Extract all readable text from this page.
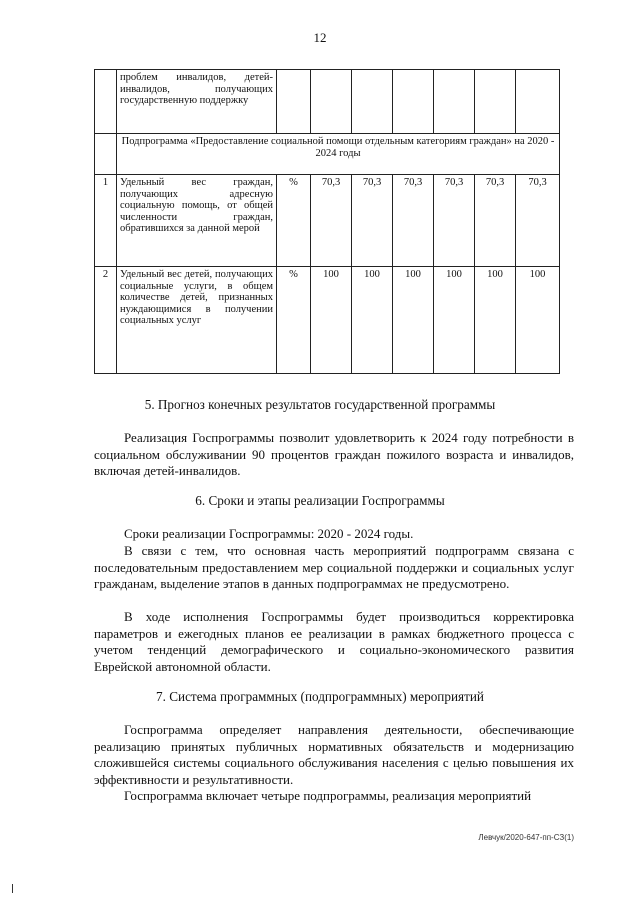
12
	проблем инвалидов, детей-инвалидов, получающих государственную поддержку							
	Подпрограмма «Предоставление социальной помощи отдельным категориям граждан» на 2020 - 2024 годы							
1	Удельный вес граждан, получающих адресную социальную помощь, от общей численности граждан, обратившихся за данной мерой	%	70,3	70,3	70,3	70,3	70,3	70,3
2	Удельный вес детей, получающих социальные услуги, в общем количестве детей, признанных нуждающимися в получении социальных услуг	%	100	100	100	100	100	100
5. Прогноз конечных результатов государственной программы

Реализация Госпрограммы позволит удовлетворить к 2024 году потребности в социальном обслуживании 90 процентов граждан пожилого возраста и инвалидов, включая детей-инвалидов.

6. Сроки и этапы реализации Госпрограммы

Сроки реализации Госпрограммы: 2020 - 2024 годы.

В связи с тем, что основная часть мероприятий подпрограмм связана с последовательным предоставлением мер социальной поддержки и социальных услуг гражданам, выделение этапов в данных подпрограммах не предусмотрено.

В ходе исполнения Госпрограммы будет производиться корректировка параметров и ежегодных планов ее реализации в рамках бюджетного процесса с учетом тенденций демографического и социально-экономического развития Еврейской автономной области.

7. Система программных (подпрограммных) мероприятий

Госпрограмма определяет направления деятельности, обеспечивающие реализацию принятых публичных нормативных обязательств и модернизацию сложившейся системы социального обслуживания населения с целью повышения их эффективности и результативности.

Госпрограмма включает четыре подпрограммы, реализация мероприятий

Левчук/2020-647-пп-СЗ(1)
